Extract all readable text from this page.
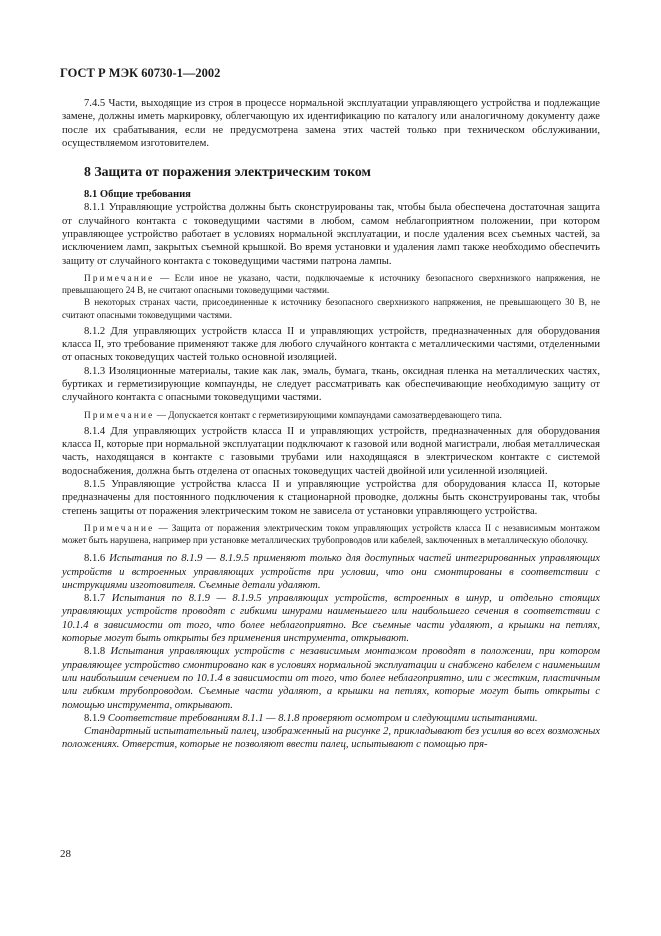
ГОСТ Р МЭК 60730-1—2002

7.4.5 Части, выходящие из строя в процессе нормальной эксплуатации управляющего устройства и подлежащие замене, должны иметь маркировку, облегчающую их идентификацию по каталогу или аналогичному документу даже после их срабатывания, если не предусмотрена замена этих частей только при техническом обслуживании, осуществляемом изготовителем.

8 Защита от поражения электрическим током

8.1 Общие требования

8.1.1 Управляющие устройства должны быть сконструированы так, чтобы была обеспечена достаточная защита от случайного контакта с токоведущими частями в любом, самом неблагоприятном положении, при котором управляющее устройство работает в условиях нормальной эксплуатации, и после удаления всех съемных частей, за исключением ламп, закрытых съемной крышкой. Во время установки и удаления ламп также необходимо обеспечить защиту от случайного контакта с токоведущими частями патрона лампы.

Примечание — Если иное не указано, части, подключаемые к источнику безопасного сверхнизкого напряжения, не превышающего 24 В, не считают опасными токоведущими частями.

В некоторых странах части, присоединенные к источнику безопасного сверхнизкого напряжения, не превышающего 30 В, не считают опасными токоведущими частями.

8.1.2 Для управляющих устройств класса II и управляющих устройств, предназначенных для оборудования класса II, это требование применяют также для любого случайного контакта с металлическими частями, отделенными от опасных токоведущих частей только основной изоляцией.

8.1.3 Изоляционные материалы, такие как лак, эмаль, бумага, ткань, оксидная пленка на металлических частях, буртиках и герметизирующие компаунды, не следует рассматривать как обеспечивающие необходимую защиту от случайного контакта с опасными токоведущими частями.

Примечание — Допускается контакт с герметизирующими компаундами самозатвердевающего типа.

8.1.4 Для управляющих устройств класса II и управляющих устройств, предназначенных для оборудования класса II, которые при нормальной эксплуатации подключают к газовой или водной магистрали, любая металлическая часть, находящаяся в контакте с газовыми трубами или находящаяся в электрическом контакте с системой водоснабжения, должна быть отделена от опасных токоведущих частей двойной или усиленной изоляцией.

8.1.5 Управляющие устройства класса II и управляющие устройства для оборудования класса II, которые предназначены для постоянного подключения к стационарной проводке, должны быть сконструированы так, чтобы степень защиты от поражения электрическим током не зависела от установки управляющего устройства.

Примечание — Защита от поражения электрическим током управляющих устройств класса II с независимым монтажом может быть нарушена, например при установке металлических трубопроводов или кабелей, заключенных в металлическую оболочку.

8.1.6 Испытания по 8.1.9 — 8.1.9.5 применяют только для доступных частей интегрированных управляющих устройств и встроенных управляющих устройств при условии, что они смонтированы в соответствии с инструкциями изготовителя. Съемные детали удаляют.

8.1.7 Испытания по 8.1.9 — 8.1.9.5 управляющих устройств, встроенных в шнур, и отдельно стоящих управляющих устройств проводят с гибкими шнурами наименьшего или наибольшего сечения в соответствии с 10.1.4 в зависимости от того, что более неблагоприятно. Все съемные части удаляют, а крышки на петлях, которые могут быть открыты без применения инструмента, открывают.

8.1.8 Испытания управляющих устройств с независимым монтажом проводят в положении, при котором управляющее устройство смонтировано как в условиях нормальной эксплуатации и снабжено кабелем с наименьшим или наибольшим сечением по 10.1.4 в зависимости от того, что более неблагоприятно, или с жестким, пластичным или гибким трубопроводом. Съемные части удаляют, а крышки на петлях, которые могут быть открыты с помощью инструмента, открывают.

8.1.9 Соответствие требованиям 8.1.1 — 8.1.8 проверяют осмотром и следующими испытаниями.

Стандартный испытательный палец, изображенный на рисунке 2, прикладывают без усилия во всех возможных положениях. Отверстия, которые не позволяют ввести палец, испытывают с помощью пря-

28
